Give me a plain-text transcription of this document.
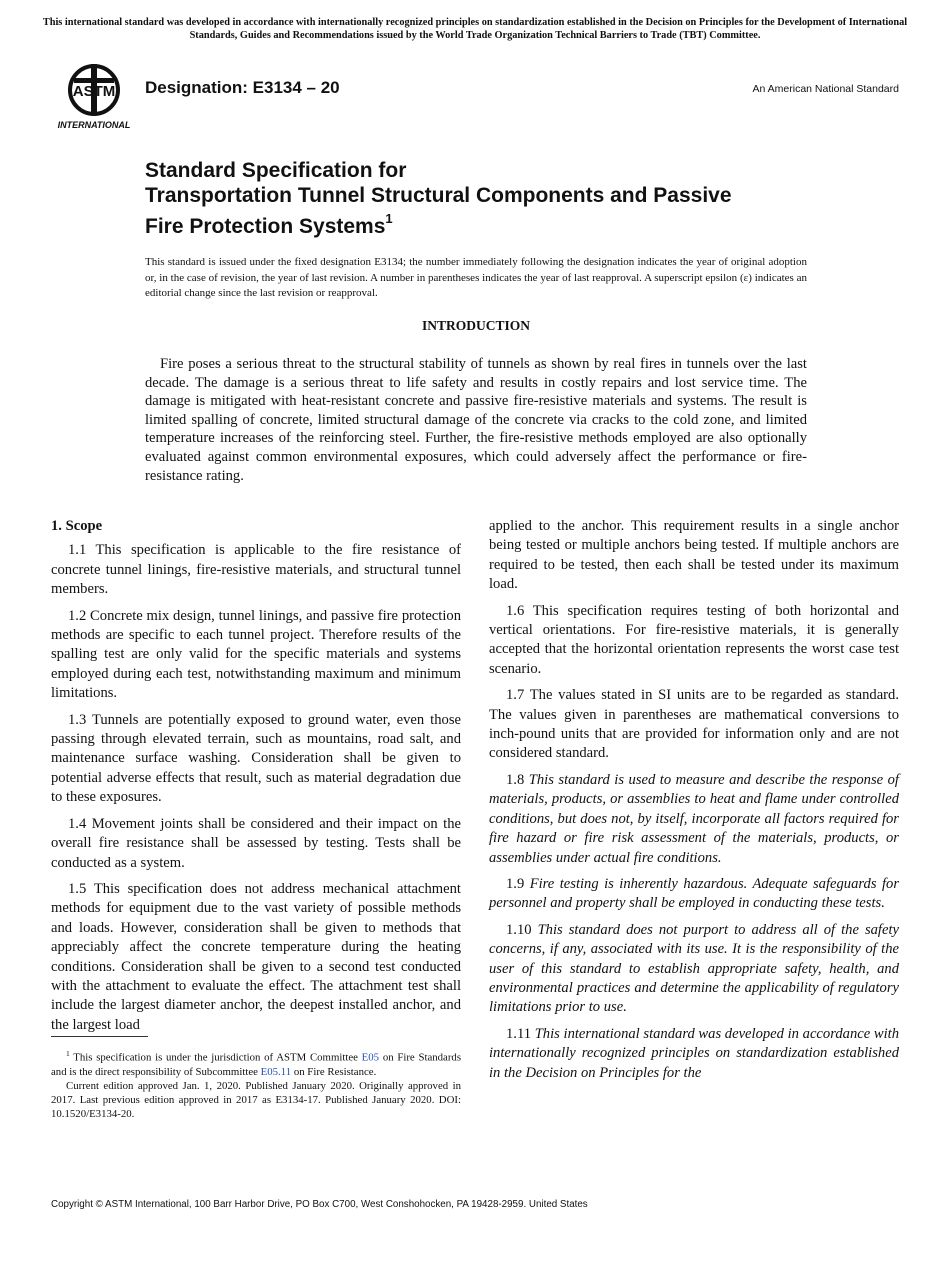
This international standard was developed in accordance with internationally recognized principles on standardization established in the Decision on Principles for the Development of International Standards, Guides and Recommendations issued by the World Trade Organization Technical Barriers to Trade (TBT) Committee.
ASTM
INTERNATIONAL
Designation: E3134 – 20	An American National Standard
Standard Specification for
Transportation Tunnel Structural Components and Passive
Fire Protection Systems$^1$

This standard is issued under the fixed designation E3134; the number immediately following the designation indicates the year of original adoption or, in the case of revision, the year of last revision. A number in parentheses indicates the year of last reapproval. A superscript epsilon (ε) indicates an editorial change since the last revision or reapproval.

INTRODUCTION

Fire poses a serious threat to the structural stability of tunnels as shown by real fires in tunnels over the last decade. The damage is a serious threat to life safety and results in costly repairs and lost service time. The damage is mitigated with heat-resistant concrete and passive fire-resistive materials and systems. The result is limited spalling of concrete, limited structural damage of the concrete via cracks to the cold zone, and limited temperature increases of the reinforcing steel. Further, the fire-resistive methods employed are also optionally evaluated against common environmental exposures, which could adversely affect the performance or fire-resistance rating.

1. Scope

1.1 This specification is applicable to the fire resistance of concrete tunnel linings, fire-resistive materials, and structural tunnel members.

1.2 Concrete mix design, tunnel linings, and passive fire protection methods are specific to each tunnel project. Therefore results of the spalling test are only valid for the specific materials and systems employed during each test, notwithstanding maximum and minimum limitations.

1.3 Tunnels are potentially exposed to ground water, even those passing through elevated terrain, such as mountains, road salt, and maintenance surface washing. Consideration shall be given to potential adverse effects that result, such as material degradation due to these exposures.

1.4 Movement joints shall be considered and their impact on the overall fire resistance shall be assessed by testing. Tests shall be conducted as a system.

1.5 This specification does not address mechanical attachment methods for equipment due to the vast variety of possible methods and loads. However, consideration shall be given to methods that appreciably affect the concrete temperature during the heating conditions. Consideration shall be given to a second test conducted with the attachment to evaluate the effect. The attachment test shall include the largest diameter anchor, the deepest installed anchor, and the largest load

applied to the anchor. This requirement results in a single anchor being tested or multiple anchors being tested. If multiple anchors are required to be tested, then each shall be tested under its maximum load.

1.6 This specification requires testing of both horizontal and vertical orientations. For fire-resistive materials, it is generally accepted that the horizontal orientation represents the worst case test scenario.

1.7 The values stated in SI units are to be regarded as standard. The values given in parentheses are mathematical conversions to inch-pound units that are provided for information only and are not considered standard.

1.8 This standard is used to measure and describe the response of materials, products, or assemblies to heat and flame under controlled conditions, but does not, by itself, incorporate all factors required for fire hazard or fire risk assessment of the materials, products, or assemblies under actual fire conditions.

1.9 Fire testing is inherently hazardous. Adequate safeguards for personnel and property shall be employed in conducting these tests.

1.10 This standard does not purport to address all of the safety concerns, if any, associated with its use. It is the responsibility of the user of this standard to establish appropriate safety, health, and environmental practices and determine the applicability of regulatory limitations prior to use.

1.11 This international standard was developed in accordance with internationally recognized principles on standardization established in the Decision on Principles for the

$^1$ This specification is under the jurisdiction of ASTM Committee E05 on Fire Standards and is the direct responsibility of Subcommittee E05.11 on Fire Resistance.

Current edition approved Jan. 1, 2020. Published January 2020. Originally approved in 2017. Last previous edition approved in 2017 as E3134-17. Published January 2020. DOI: 10.1520/E3134-20.

Copyright © ASTM International, 100 Barr Harbor Drive, PO Box C700, West Conshohocken, PA 19428-2959. United States
